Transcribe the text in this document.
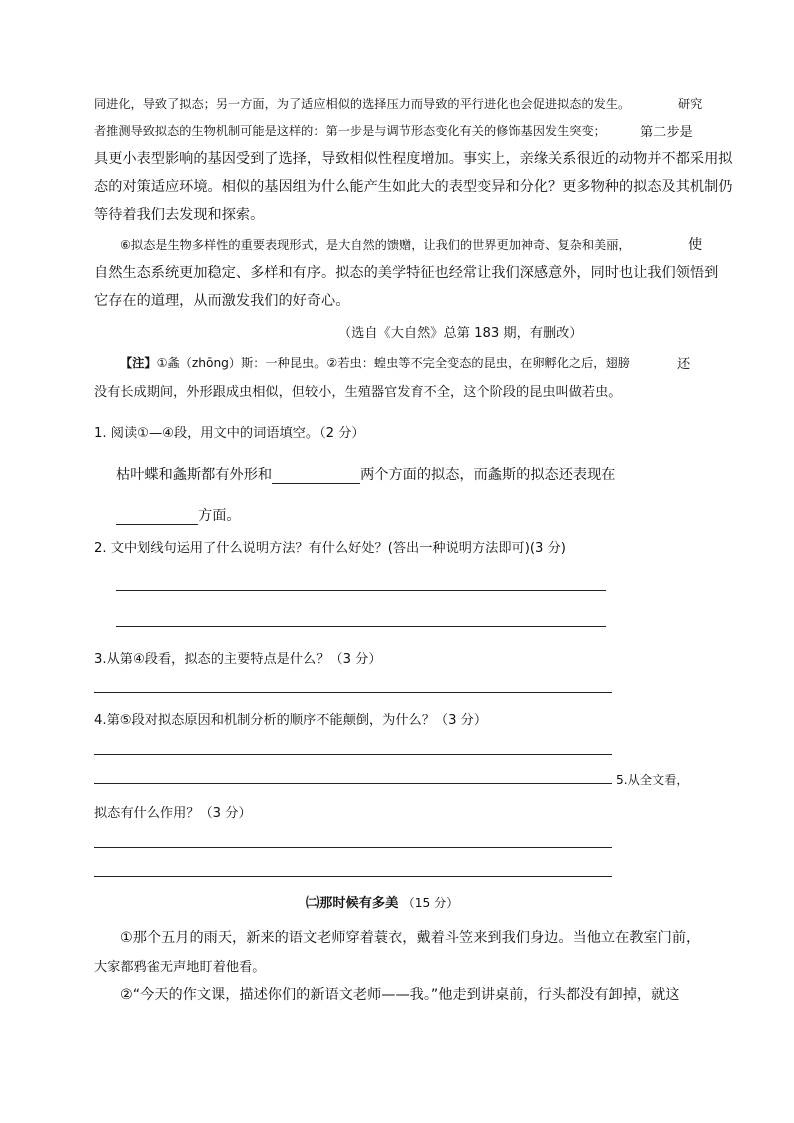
同进化，导致了拟态；另一方面，为了适应相似的选择压力而导致的平行进化也会促进拟态的发生。	研究
者推测导致拟态的生物机制可能是这样的：第一步是与调节形态变化有关的修饰基因发生突变；	第二步是
具更小表型影响的基因受到了选择，导致相似性程度增加。事实上，亲缘关系很近的动物并不都采用拟
态的对策适应环境。相似的基因组为什么能产生如此大的表型变异和分化？更多物种的拟态及其机制仍
等待着我们去发现和探索。
⑥拟态是生物多样性的重要表现形式，是大自然的馈赠，让我们的世界更加神奇、复杂和美丽，	使
自然生态系统更加稳定、多样和有序。拟态的美学特征也经常让我们深感意外，同时也让我们领悟到
它存在的道理，从而激发我们的好奇心。
（选自《大自然》总第 183 期，有删改）
【注】①螽（zhōng）斯：一种昆虫。②若虫：蝗虫等不完全变态的昆虫，在卵孵化之后，翅膀	还
没有长成期间，外形跟成虫相似，但较小，生殖器官发育不全，这个阶段的昆虫叫做若虫。
1. 阅读①—④段，用文中的词语填空。（2 分）
枯叶蝶和螽斯都有外形和	两个方面的拟态，而螽斯的拟态还表现在
方面。
2. 文中划线句运用了什么说明方法？有什么好处？(答出一种说明方法即可)(3 分)
3.从第④段看，拟态的主要特点是什么？（3 分）
4.第⑤段对拟态原因和机制分析的顺序不能颠倒，为什么？（3 分）
5.从全文看，
拟态有什么作用？（3 分）
㈡那时候有多美 （15 分）
①那个五月的雨天，新来的语文老师穿着蓑衣，戴着斗笠来到我们身边。当他立在教室门前，
大家都鸦雀无声地盯着他看。
②“今天的作文课，描述你们的新语文老师——我。”他走到讲桌前，行头都没有卸掉，就这
